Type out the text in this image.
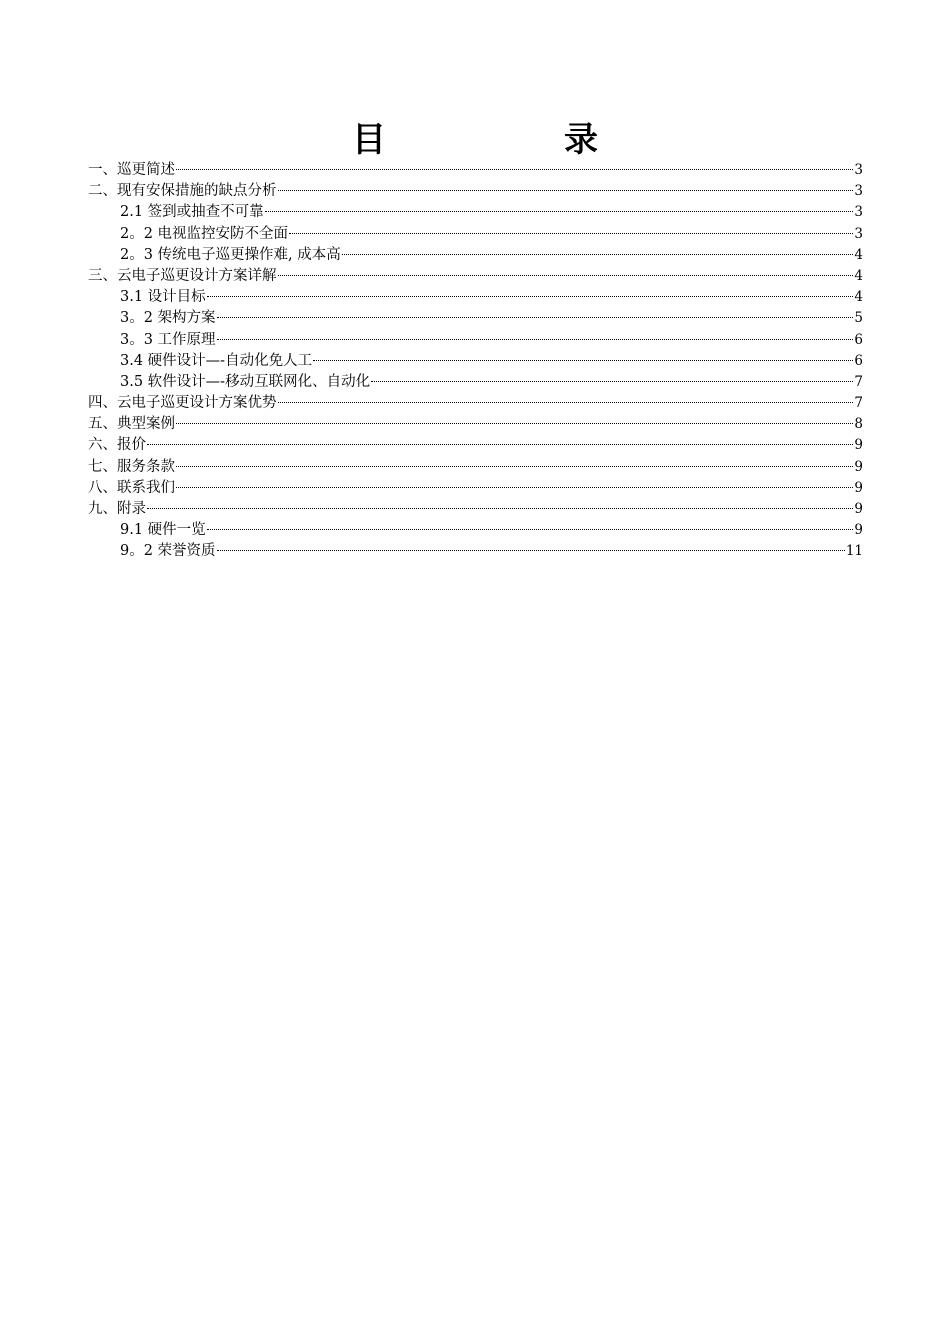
目　录
一、巡更简述	3
二、现有安保措施的缺点分析	3
2.1 签到或抽查不可靠	3
2。2 电视监控安防不全面	3
2。3 传统电子巡更操作难, 成本高	4
三、云电子巡更设计方案详解	4
3.1 设计目标	4
3。2 架构方案	5
3。3 工作原理	6
3.4 硬件设计—-自动化免人工	6
3.5 软件设计—-移动互联网化、自动化	7
四、云电子巡更设计方案优势	7
五、典型案例	8
六、报价	9
七、服务条款	9
八、联系我们	9
九、附录	9
9.1 硬件一览	9
9。2 荣誉资质	11
